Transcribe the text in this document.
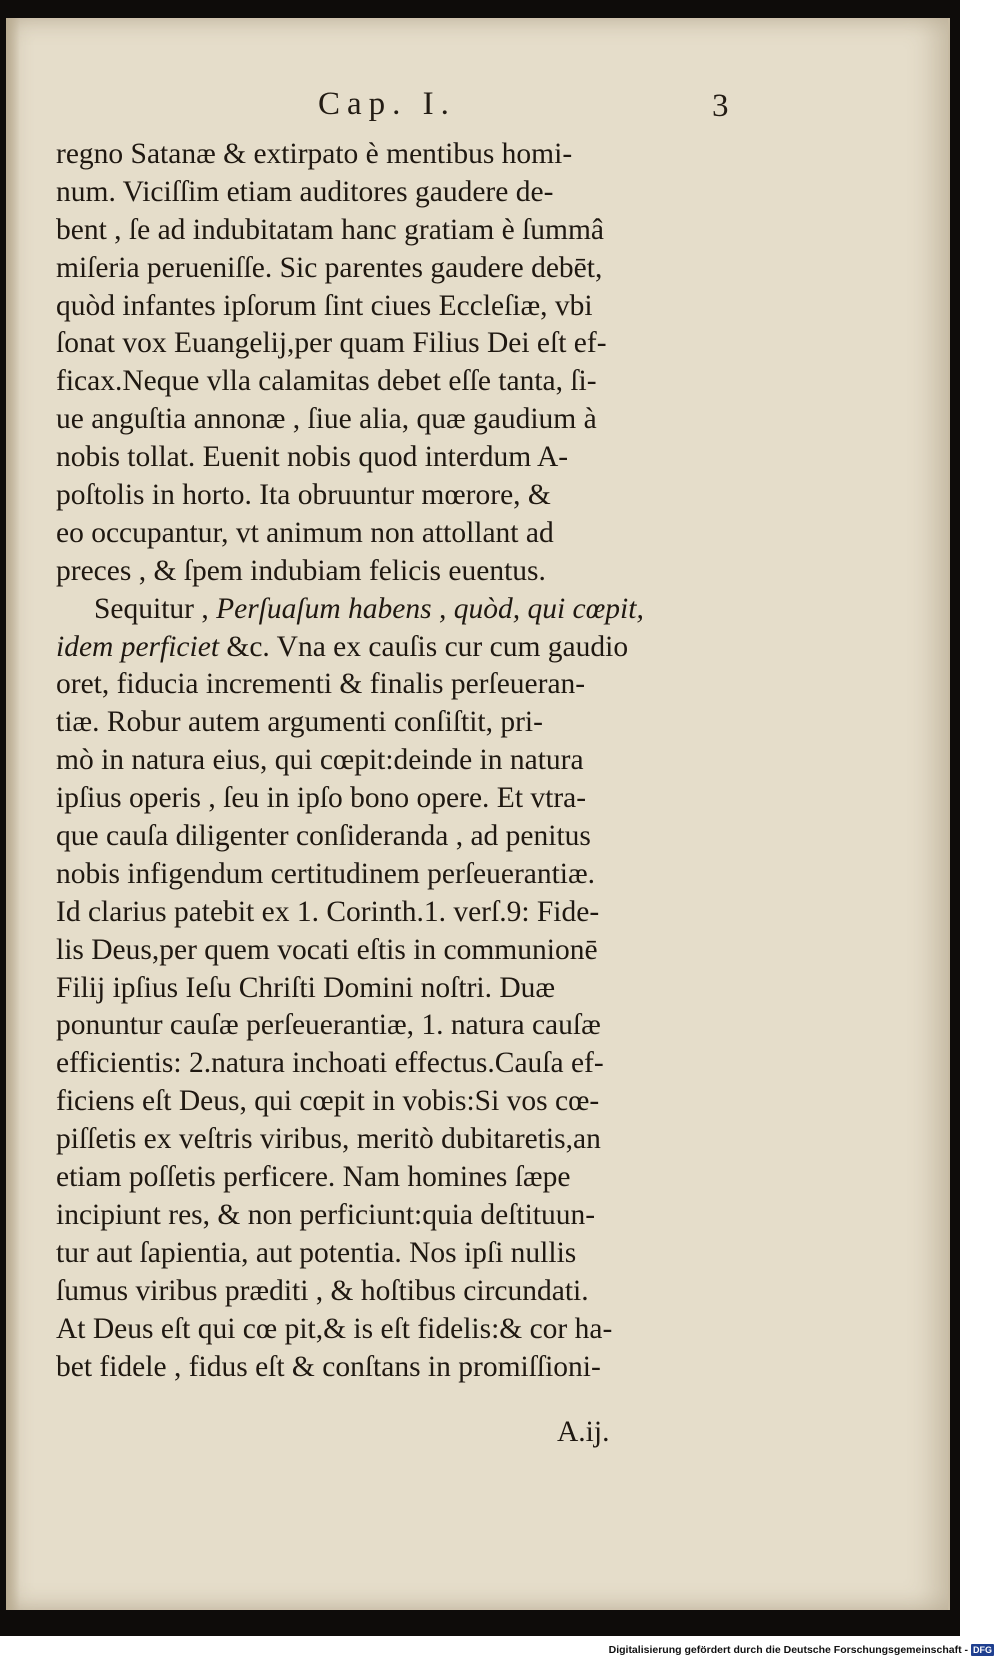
Cap. I.	3
regno Satanæ & extirpato è mentibus homi-
num. Viciſſim etiam auditores gaudere de-
bent , ſe ad indubitatam hanc gratiam è ſummâ
miſeria perueniſſe. Sic parentes gaudere debēt,
quòd infantes ipſorum ſint ciues Eccleſiæ, vbi
ſonat vox Euangelij,per quam Filius Dei eſt ef-
ficax.Neque vlla calamitas debet eſſe tanta, ſi-
ue anguſtia annonæ , ſiue alia, quæ gaudium à
nobis tollat. Euenit nobis quod interdum A-
poſtolis in horto. Ita obruuntur mœrore, &
eo occupantur, vt animum non attollant ad
preces , & ſpem indubiam felicis euentus.
Sequitur , Perſuaſum habens , quòd, qui cœpit,
idem perficiet &c. Vna ex cauſis cur cum gaudio
oret, fiducia incrementi & finalis perſeueran-
tiæ. Robur autem argumenti conſiſtit, pri-
mò in natura eius, qui cœpit:deinde in natura
ipſius operis , ſeu in ipſo bono opere. Et vtra-
que cauſa diligenter conſideranda , ad penitus
nobis infigendum certitudinem perſeuerantiæ.
Id clarius patebit ex 1. Corinth.1. verſ.9: Fide-
lis Deus,per quem vocati eſtis in communionē
Filij ipſius Ieſu Chriſti Domini noſtri. Duæ
ponuntur cauſæ perſeuerantiæ, 1. natura cauſæ
efficientis: 2.natura inchoati effectus.Cauſa ef-
ficiens eſt Deus, qui cœpit in vobis:Si vos cœ-
piſſetis ex veſtris viribus, meritò dubitaretis,an
etiam poſſetis perficere. Nam homines ſæpe
incipiunt res, & non perficiunt:quia deſtituun-
tur aut ſapientia, aut potentia. Nos ipſi nullis
ſumus viribus præditi , & hoſtibus circundati.
At Deus eſt qui cœ pit,& is eſt fidelis:& cor ha-
bet fidele , fidus eſt & conſtans in promiſſioni-
A.ij.
Digitalisierung gefördert durch die Deutsche Forschungsgemeinschaft - DFG
